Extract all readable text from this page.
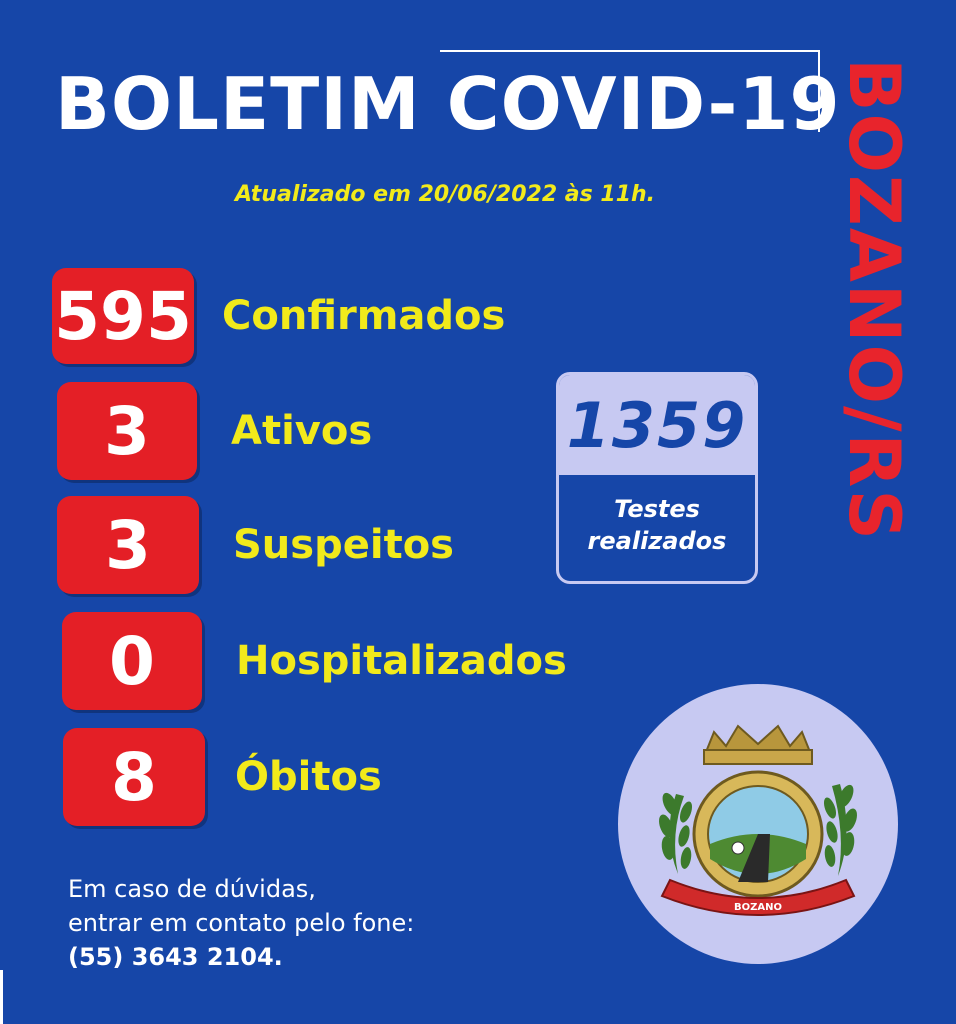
BOLETIM COVID-19
Atualizado em 20/06/2022 às 11h.	BOZANO/RS
595 Confirmados
3	Ativos
3	Suspeitos
0	Hospitalizados
8	Óbitos
1359
Testes
realizados
Em caso de dúvidas,
entrar em contato pelo fone:
(55) 3643 2104.
BOZANO
